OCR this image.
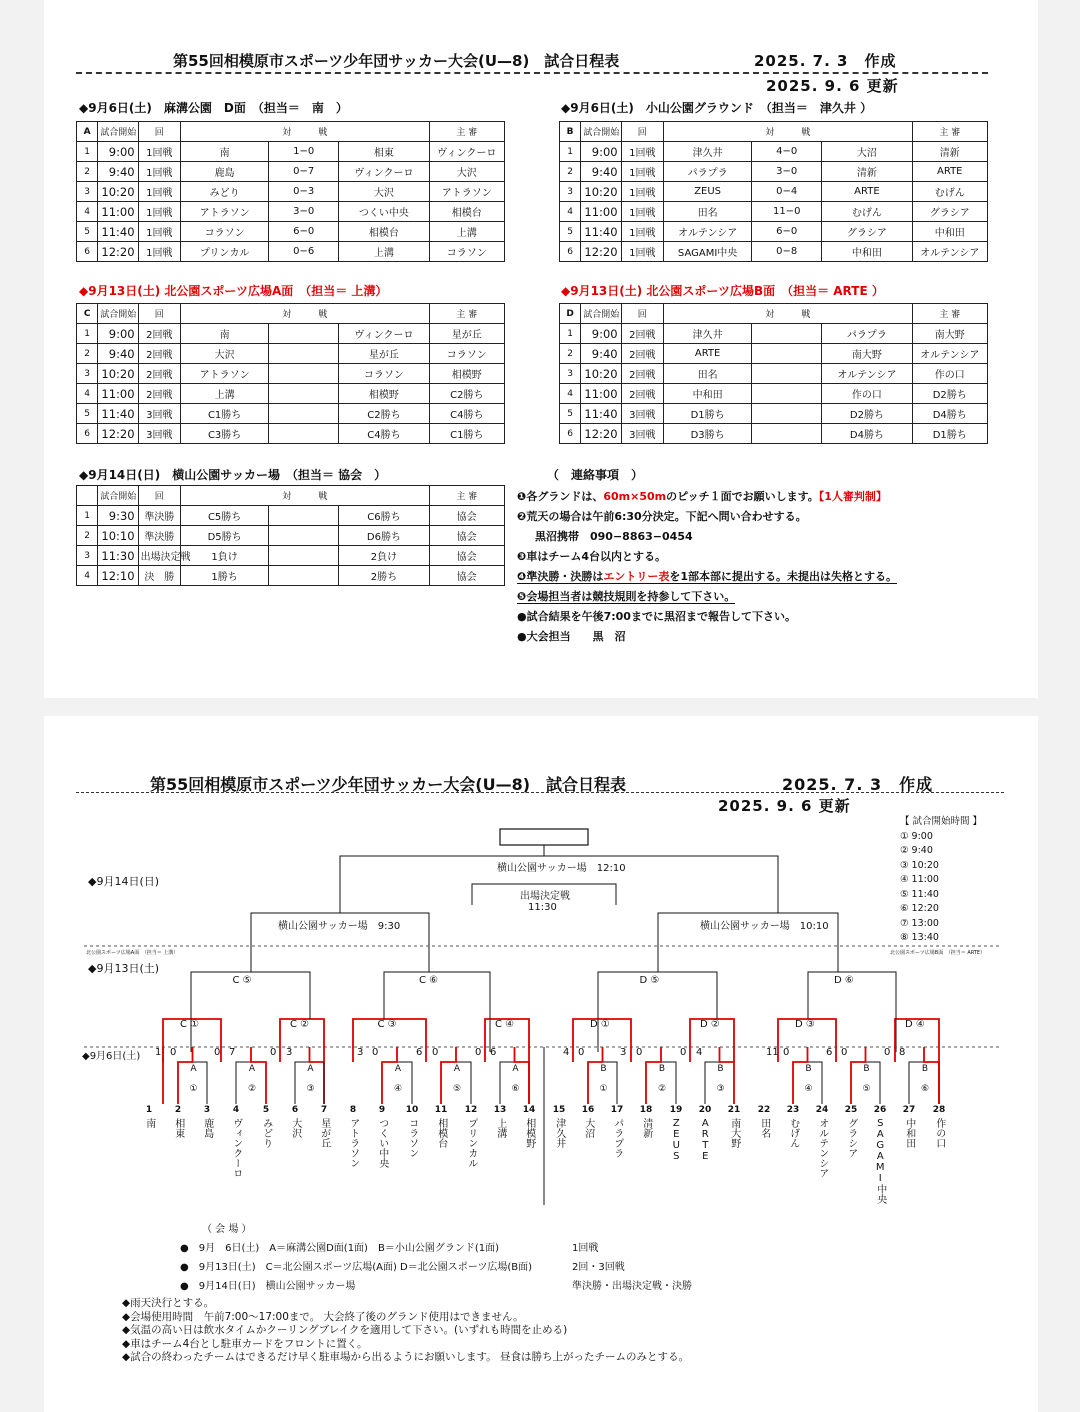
第55回相模原市スポーツ少年団サッカー大会(U—8)　試合日程表	2025. 7. 3　作成
2025. 9. 6 更新
◆9月6日(土)　麻溝公園　D面　（担当＝　南　）	◆9月6日(土)　小山公園グラウンド　（担当＝　津久井 ）
◆9月13日(土) 北公園スポーツ広場A面　（担当＝ 上溝）	◆9月13日(土) 北公園スポーツ広場B面　（担当＝ ARTE ）
◆9月14日(日)　横山公園サッカー場　（担当＝ 協会　）
A	試合開始	回	対　　　戦			主 審
1	9:00	1回戦	南	1−0	相東	ヴィンクーロ
2	9:40	1回戦	鹿島	0−7	ヴィンクーロ	大沢
3	10:20	1回戦	みどり	0−3	大沢	アトラソン
4	11:00	1回戦	アトラソン	3−0	つくい中央	相模台
5	11:40	1回戦	コラソン	6−0	相模台	上溝
6	12:20	1回戦	プリンカル	0−6	上溝	コラソン
B	試合開始	回	対　　　戦			主 審
1	9:00	1回戦	津久井	4−0	大沼	清新
2	9:40	1回戦	パラプラ	3−0	清新	ARTE
3	10:20	1回戦	ZEUS	0−4	ARTE	むげん
4	11:00	1回戦	田名	11−0	むげん	グラシア
5	11:40	1回戦	オルテンシア	6−0	グラシア	中和田
6	12:20	1回戦	SAGAMI中央	0−8	中和田	オルテンシア
C	試合開始	回	対　　　戦			主 審
1	9:00	2回戦	南		ヴィンクーロ	星が丘
2	9:40	2回戦	大沢		星が丘	コラソン
3	10:20	2回戦	アトラソン		コラソン	相模野
4	11:00	2回戦	上溝		相模野	C2勝ち
5	11:40	3回戦	C1勝ち		C2勝ち	C4勝ち
6	12:20	3回戦	C3勝ち		C4勝ち	C1勝ち
D	試合開始	回	対　　　戦			主 審
1	9:00	2回戦	津久井		パラプラ	南大野
2	9:40	2回戦	ARTE		南大野	オルテンシア
3	10:20	2回戦	田名		オルテンシア	作の口
4	11:00	2回戦	中和田		作の口	D2勝ち
5	11:40	3回戦	D1勝ち		D2勝ち	D4勝ち
6	12:20	3回戦	D3勝ち		D4勝ち	D1勝ち
	試合開始	回	対　　　戦			主 審
1	9:30	準決勝	C5勝ち		C6勝ち	協会
2	10:10	準決勝	D5勝ち		D6勝ち	協会
3	11:30	出場決定戦	1負け		2負け	協会
4	12:10	決　勝	1勝ち		2勝ち	協会
（　連絡事項　）
❶各グランドは、60m×50mのピッチ１面でお願いします。【1人審判制】
❷荒天の場合は午前6:30分決定。下記へ問い合わせする。
黒沼携帯　090−8863−0454
❸車はチーム4台以内とする。
❹準決勝・決勝はエントリー表を1部本部に提出する。未提出は失格とする。
❺会場担当者は競技規則を持参して下さい。
●試合結果を午後7:00までに黒沼まで報告して下さい。
●大会担当　　黒　沼
第55回相模原市スポーツ少年団サッカー大会(U—8)　試合日程表	2025. 7. 3　作成
2025. 9. 6 更新
横山公園サッカー場　12:10
出場決定戦
11:30
横山公園サッカー場　9:30	横山公園サッカー場　10:10
北公園スポーツ広場A面　（担当＝ 上溝）	北公園スポーツ広場B面　（担当＝ ARTE）
◆9月14日(日)
◆9月13日(土)
◆9月6日(土)
【 試合開始時間 】
① 9:00
② 9:40
③ 10:20
④ 11:00
⑤ 11:40
⑥ 12:20
⑦ 13:00
⑧ 13:40
1
南
2
相東
3
鹿島
4
ヴィンクーロ
5
みどり
6
大沢
7
星が丘
8
アトラソン
9
つくい中央
10
コラソン
11
相模台
12
プリンカル
13
上溝
14
相模野
15
津久井
16
大沼
17
パラプラ
18
清新
19
ZEUS
20
ARTE
21
南大野
22
田名
23
むげん
24
オルテンシア
25
グラシア
26
SAGAMI中央
27
中和田
28
作の口
A ①	A ②	A ③	A ④	A ⑤	A ⑥	B ①	B ②	B ③	B ④	B ⑤	B ⑥
1 0	0 7	0 3	3 0	6 0	0 6	4 0	3 0	0 4	11 0	6 0	0 8
C ①	C ②	C ③	C ④	D ①	D ②	D ③	D ④
C ⑤	C ⑥	D ⑤	D ⑥
（ 会 場 ）
●　9月　6日(土)　A＝麻溝公園D面(1面)　B＝小山公園グランド(1面)	1回戦
●　9月13日(土)　C＝北公園スポーツ広場(A面) D＝北公園スポーツ広場(B面)	2回・3回戦
●　9月14日(日)　横山公園サッカー場	準決勝・出場決定戦・決勝
◆雨天決行とする。
◆会場使用時間　午前7:00〜17:00まで。 大会終了後のグランド使用はできません。
◆気温の高い日は飲水タイムかクーリングブレイクを適用して下さい。(いずれも時間を止める)
◆車はチーム4台とし駐車カードをフロントに置く。
◆試合の終わったチームはできるだけ早く駐車場から出るようにお願いします。 昼食は勝ち上がったチームのみとする。
